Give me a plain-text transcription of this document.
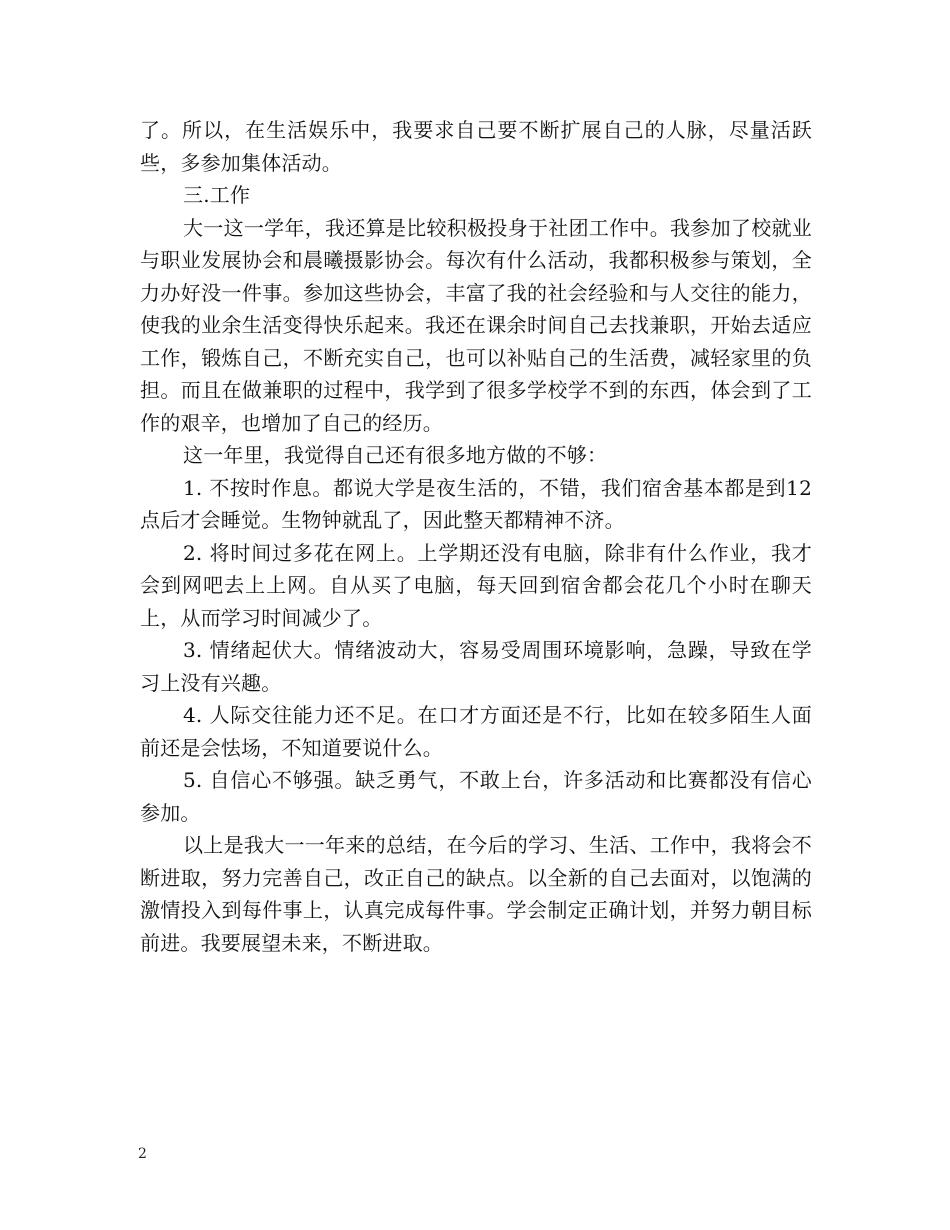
了。所以，在生活娱乐中，我要求自己要不断扩展自己的人脉，尽量活跃些，多参加集体活动。

三.工作

大一这一学年，我还算是比较积极投身于社团工作中。我参加了校就业与职业发展协会和晨曦摄影协会。每次有什么活动，我都积极参与策划，全力办好没一件事。参加这些协会，丰富了我的社会经验和与人交往的能力，使我的业余生活变得快乐起来。我还在课余时间自己去找兼职，开始去适应工作，锻炼自己，不断充实自己，也可以补贴自己的生活费，减轻家里的负担。而且在做兼职的过程中，我学到了很多学校学不到的东西，体会到了工作的艰辛，也增加了自己的经历。

这一年里，我觉得自己还有很多地方做的不够：

1. 不按时作息。都说大学是夜生活的，不错，我们宿舍基本都是到12点后才会睡觉。生物钟就乱了，因此整天都精神不济。

2. 将时间过多花在网上。上学期还没有电脑，除非有什么作业，我才会到网吧去上上网。自从买了电脑，每天回到宿舍都会花几个小时在聊天上，从而学习时间减少了。

3. 情绪起伏大。情绪波动大，容易受周围环境影响，急躁，导致在学习上没有兴趣。

4. 人际交往能力还不足。在口才方面还是不行，比如在较多陌生人面前还是会怯场，不知道要说什么。

5. 自信心不够强。缺乏勇气，不敢上台，许多活动和比赛都没有信心参加。

以上是我大一一年来的总结，在今后的学习、生活、工作中，我将会不断进取，努力完善自己，改正自己的缺点。以全新的自己去面对，以饱满的激情投入到每件事上，认真完成每件事。学会制定正确计划，并努力朝目标前进。我要展望未来，不断进取。

2
